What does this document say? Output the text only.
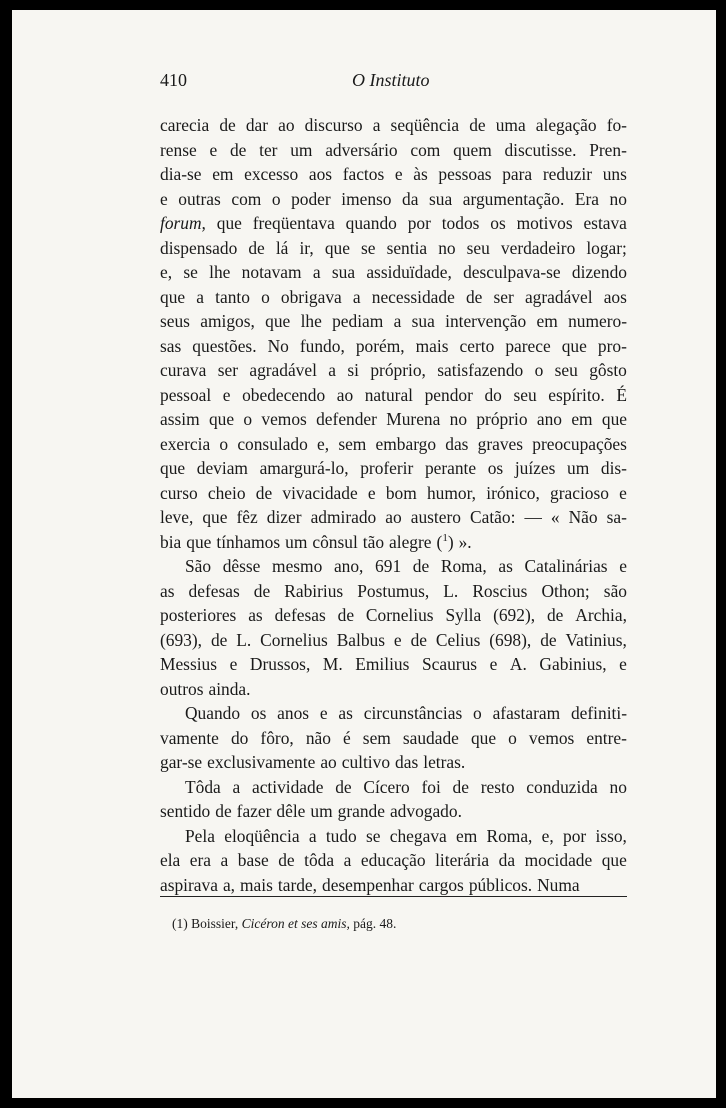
410	O Instituto
carecia de dar ao discurso a seqüência de uma alegação fo-
rense e de ter um adversário com quem discutisse. Pren-
dia-se em excesso aos factos e às pessoas para reduzir uns
e outras com o poder imenso da sua argumentação. Era no
forum, que freqüentava quando por todos os motivos estava
dispensado de lá ir, que se sentia no seu verdadeiro logar;
e, se lhe notavam a sua assiduïdade, desculpava-se dizendo
que a tanto o obrigava a necessidade de ser agradável aos
seus amigos, que lhe pediam a sua intervenção em numero-
sas questões. No fundo, porém, mais certo parece que pro-
curava ser agradável a si próprio, satisfazendo o seu gôsto
pessoal e obedecendo ao natural pendor do seu espírito. É
assim que o vemos defender Murena no próprio ano em que
exercia o consulado e, sem embargo das graves preocupações
que deviam amargurá-lo, proferir perante os juízes um dis-
curso cheio de vivacidade e bom humor, irónico, gracioso e
leve, que fêz dizer admirado ao austero Catão: — « Não sa-
bia que tínhamos um cônsul tão alegre ($^1$) ».
São dêsse mesmo ano, 691 de Roma, as Catalinárias e
as defesas de Rabirius Postumus, L. Roscius Othon; são
posteriores as defesas de Cornelius Sylla (692), de Archia,
(693), de L. Cornelius Balbus e de Celius (698), de Vatinius,
Messius e Drussos, M. Emilius Scaurus e A. Gabinius, e
outros ainda.
Quando os anos e as circunstâncias o afastaram definiti-
vamente do fôro, não é sem saudade que o vemos entre-
gar-se exclusivamente ao cultivo das letras.
Tôda a actividade de Cícero foi de resto conduzida no
sentido de fazer dêle um grande advogado.
Pela eloqüência a tudo se chegava em Roma, e, por isso,
ela era a base de tôda a educação literária da mocidade que
aspirava a, mais tarde, desempenhar cargos públicos. Numa
(1) Boissier, Cicéron et ses amis, pág. 48.
